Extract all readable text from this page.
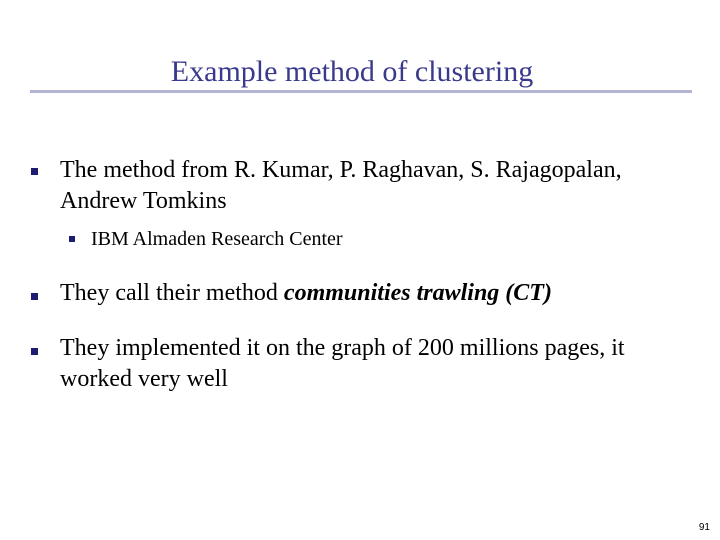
Example method of clustering
The method from R. Kumar, P. Raghavan, S. Rajagopalan, Andrew Tomkins
IBM Almaden Research Center
They call their method communities trawling (CT)
They implemented it on the graph of 200 millions pages, it worked very well
91
